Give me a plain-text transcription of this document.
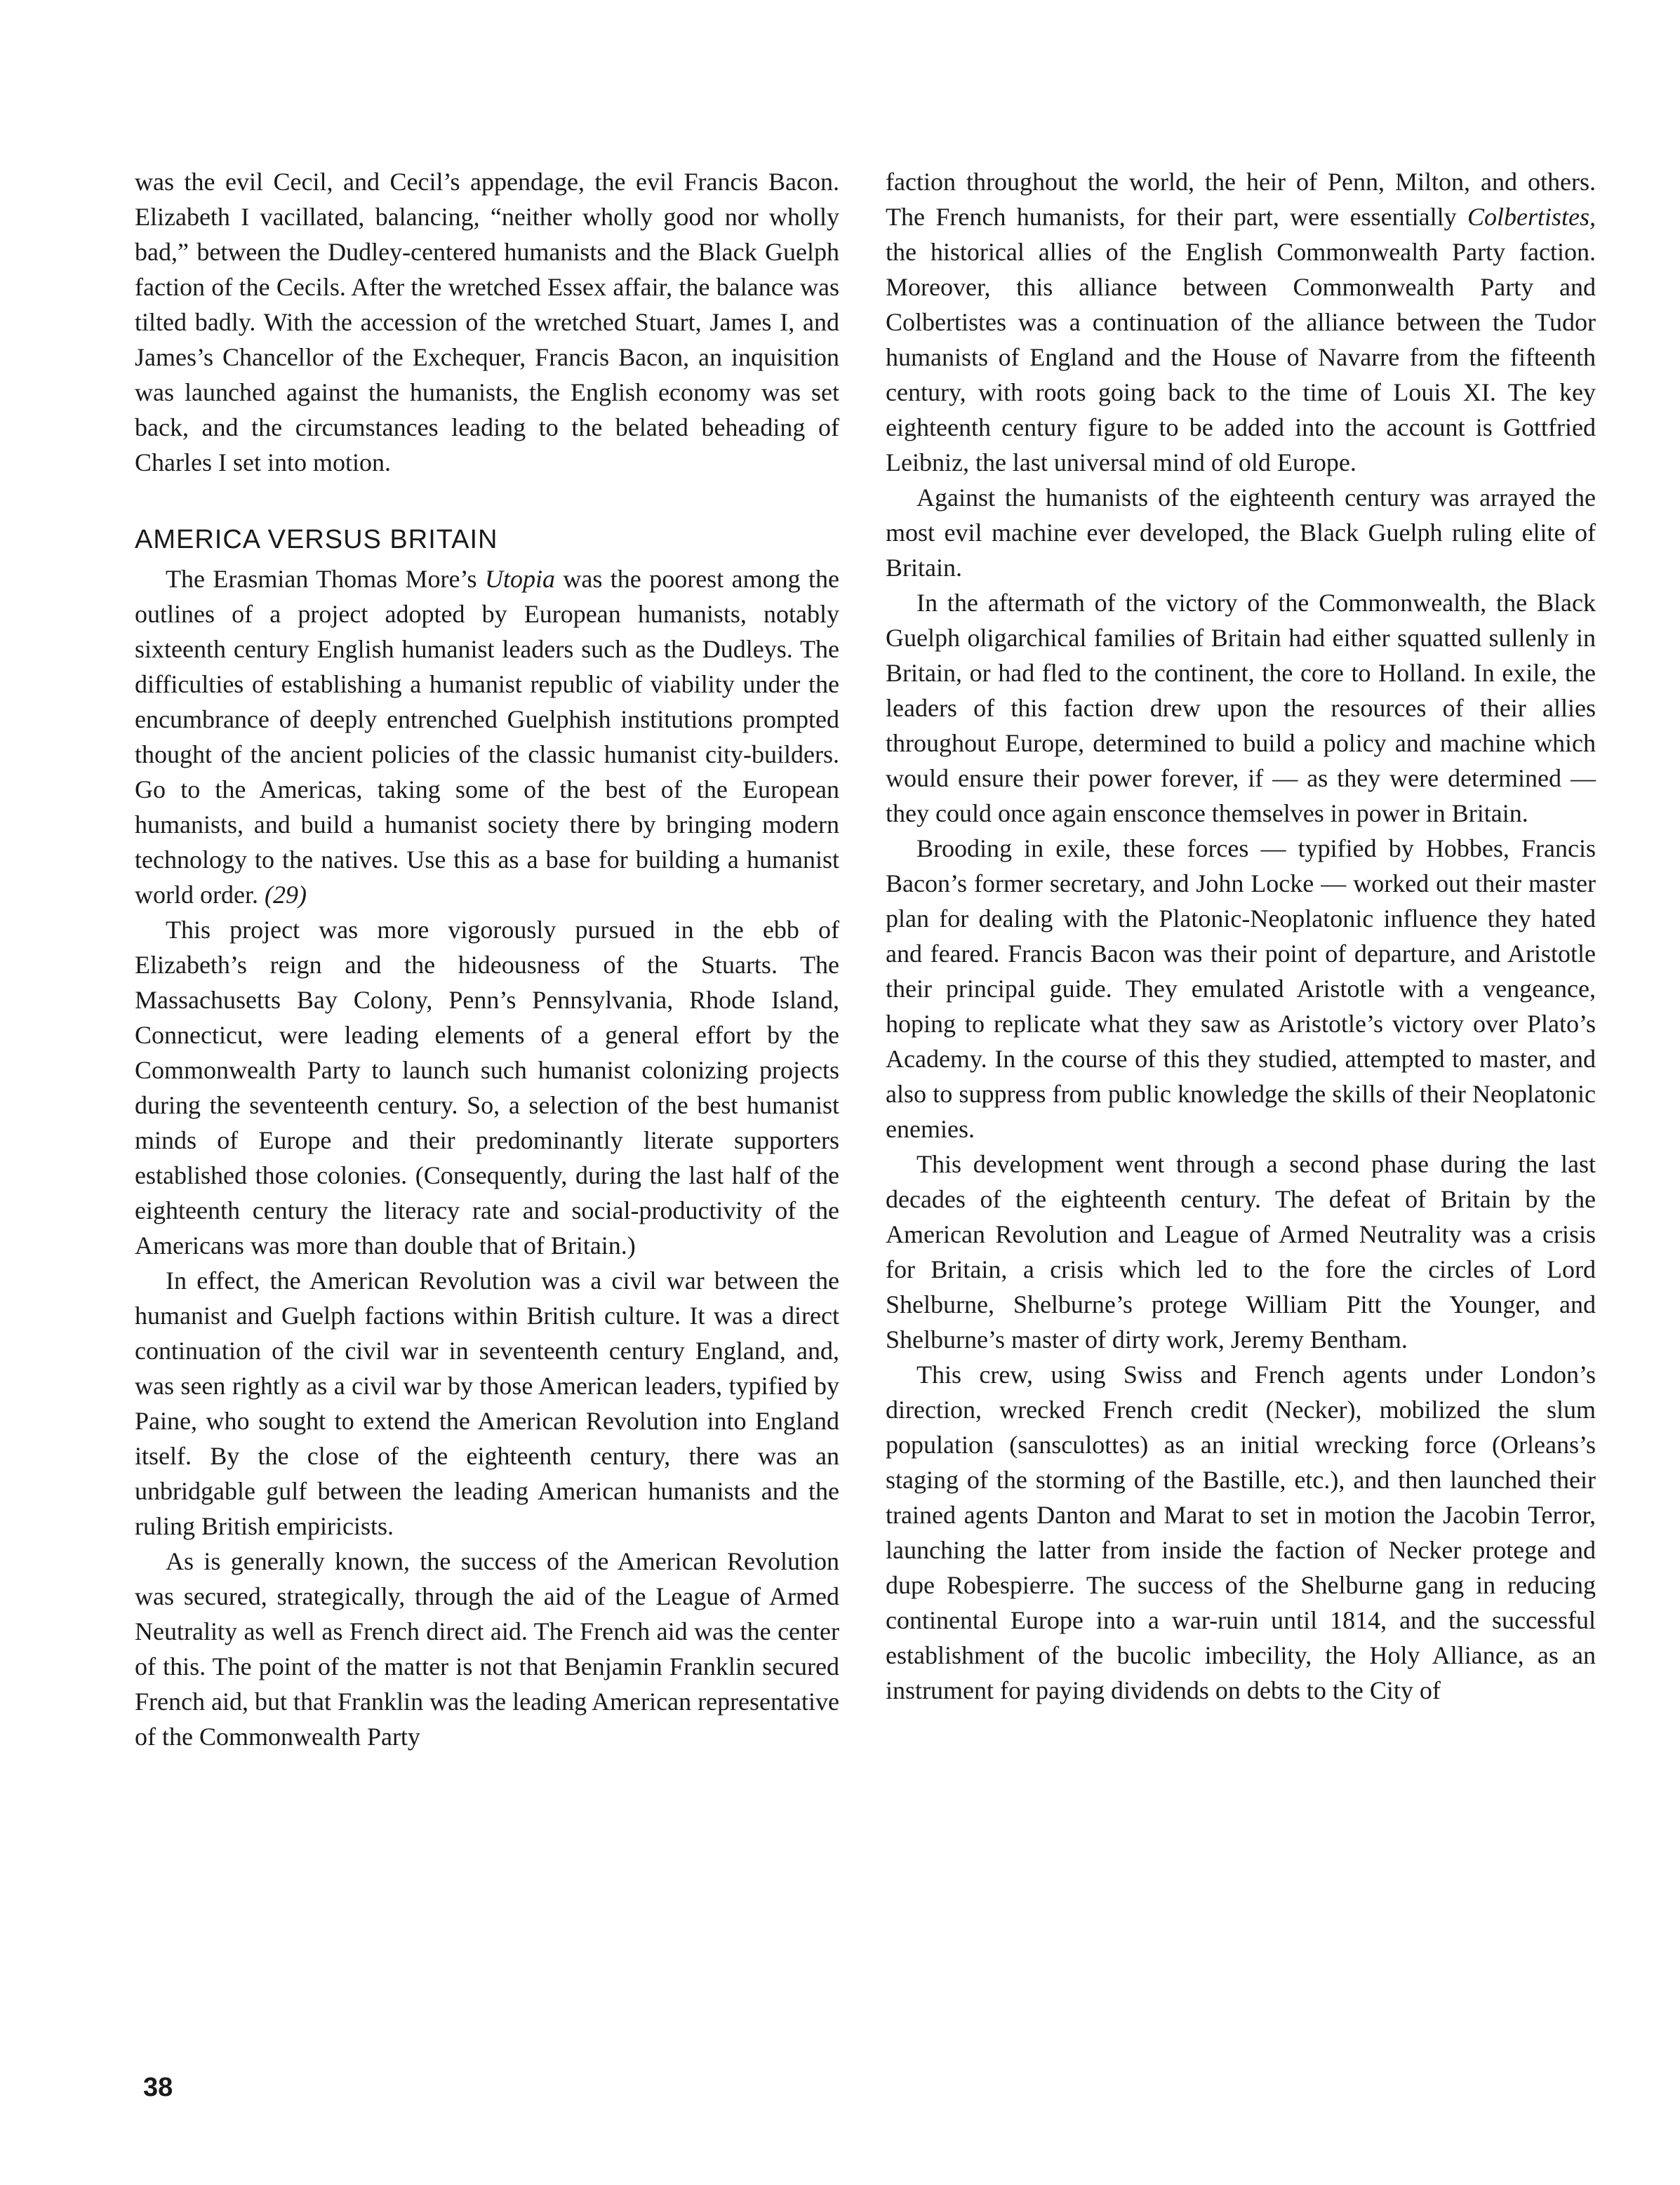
was the evil Cecil, and Cecil’s appendage, the evil Francis Bacon. Elizabeth I vacillated, balancing, “neither wholly good nor wholly bad,” between the Dudley-centered humanists and the Black Guelph faction of the Cecils. After the wretched Essex affair, the balance was tilted badly. With the accession of the wretched Stuart, James I, and James’s Chancellor of the Exchequer, Francis Bacon, an inquisition was launched against the humanists, the English economy was set back, and the circumstances leading to the belated beheading of Charles I set into motion.

AMERICA VERSUS BRITAIN

The Erasmian Thomas More’s Utopia was the poorest among the outlines of a project adopted by European humanists, notably sixteenth century English humanist leaders such as the Dudleys. The difficulties of establishing a humanist republic of viability under the encumbrance of deeply entrenched Guelphish institutions prompted thought of the ancient policies of the classic humanist city-builders. Go to the Americas, taking some of the best of the European humanists, and build a humanist society there by bringing modern technology to the natives. Use this as a base for building a humanist world order. (29)

This project was more vigorously pursued in the ebb of Elizabeth’s reign and the hideousness of the Stuarts. The Massachusetts Bay Colony, Penn’s Pennsylvania, Rhode Island, Connecticut, were leading elements of a general effort by the Commonwealth Party to launch such humanist colonizing projects during the seventeenth century. So, a selection of the best humanist minds of Europe and their predominantly literate supporters established those colonies. (Consequently, during the last half of the eighteenth century the literacy rate and social-productivity of the Americans was more than double that of Britain.)

In effect, the American Revolution was a civil war between the humanist and Guelph factions within British culture. It was a direct continuation of the civil war in seventeenth century England, and, was seen rightly as a civil war by those American leaders, typified by Paine, who sought to extend the American Revolution into England itself. By the close of the eighteenth century, there was an unbridgable gulf between the leading American humanists and the ruling British empiricists.

As is generally known, the success of the American Revolution was secured, strategically, through the aid of the League of Armed Neutrality as well as French direct aid. The French aid was the center of this. The point of the matter is not that Benjamin Franklin secured French aid, but that Franklin was the leading American representative of the Commonwealth Party

faction throughout the world, the heir of Penn, Milton, and others. The French humanists, for their part, were essentially Colbertistes, the historical allies of the English Commonwealth Party faction. Moreover, this alliance between Commonwealth Party and Colbertistes was a continuation of the alliance between the Tudor humanists of England and the House of Navarre from the fifteenth century, with roots going back to the time of Louis XI. The key eighteenth century figure to be added into the account is Gottfried Leibniz, the last universal mind of old Europe.

Against the humanists of the eighteenth century was arrayed the most evil machine ever developed, the Black Guelph ruling elite of Britain.

In the aftermath of the victory of the Commonwealth, the Black Guelph oligarchical families of Britain had either squatted sullenly in Britain, or had fled to the continent, the core to Holland. In exile, the leaders of this faction drew upon the resources of their allies throughout Europe, determined to build a policy and machine which would ensure their power forever, if — as they were determined — they could once again ensconce themselves in power in Britain.

Brooding in exile, these forces — typified by Hobbes, Francis Bacon’s former secretary, and John Locke — worked out their master plan for dealing with the Platonic-Neoplatonic influence they hated and feared. Francis Bacon was their point of departure, and Aristotle their principal guide. They emulated Aristotle with a vengeance, hoping to replicate what they saw as Aristotle’s victory over Plato’s Academy. In the course of this they studied, attempted to master, and also to suppress from public knowledge the skills of their Neoplatonic enemies.

This development went through a second phase during the last decades of the eighteenth century. The defeat of Britain by the American Revolution and League of Armed Neutrality was a crisis for Britain, a crisis which led to the fore the circles of Lord Shelburne, Shelburne’s protege William Pitt the Younger, and Shelburne’s master of dirty work, Jeremy Bentham.

This crew, using Swiss and French agents under London’s direction, wrecked French credit (Necker), mobilized the slum population (sansculottes) as an initial wrecking force (Orleans’s staging of the storming of the Bastille, etc.), and then launched their trained agents Danton and Marat to set in motion the Jacobin Terror, launching the latter from inside the faction of Necker protege and dupe Robespierre. The success of the Shelburne gang in reducing continental Europe into a war-ruin until 1814, and the successful establishment of the bucolic imbecility, the Holy Alliance, as an instrument for paying dividends on debts to the City of

38
